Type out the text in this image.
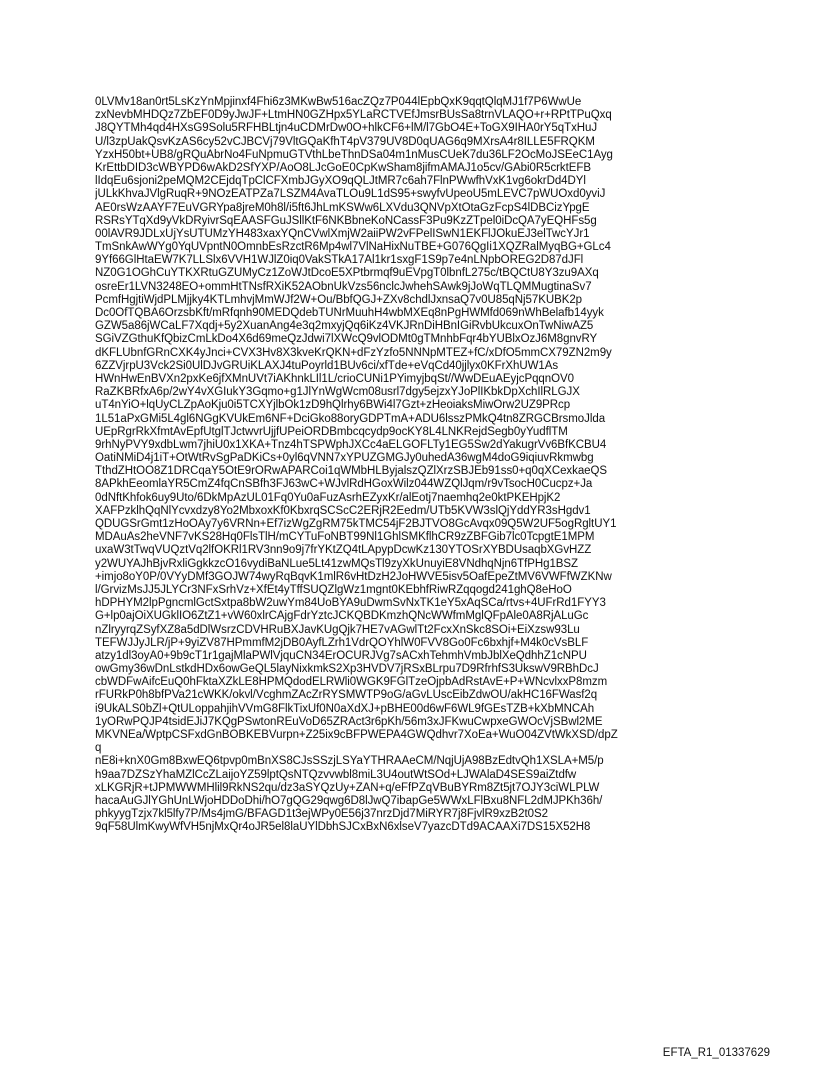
0LVMv18an0rt5LsKzYnMpjinxf4Fhi6z3MKwBw516acZQz7P044lEpbQxK9qqtQlqMJ1f7P6WwUe
zxNevbMHDQz7ZbEF0D9yJwJF+LtmHN0GZHpx5YLaRCTVEfJmsrBUsSa8trnVLAQO+r+RPtTPuQxq
J8QYTMh4qd4HXsG9Solu5RFHBLtjn4uCDMrDw0O+hlkCF6+lM/l7GbO4E+ToGX9IHA0rY5qTxHuJ
U/l3zpUakQsvKzAS6cy52vCJBCVj79VltGQaKfhT4pV379UV8D0qUAG6q9MXrsA4r8ILLE5FRQKM
YzxH50bt+UB8/gRQuAbrNo4FuNpmuGTVthLbeThnDSa04m1nMusCUeK7du36LF2OcMoJSEeC1Ayg
KrEttbDID3cWBYPD6wAkD2SfYXP/AoO8LJcGoE0CpKwSham8jifmAMAJ1o5cv/GAbi0R5crktEFB
lIdqEu6sjoni2peMQM2CEjdqTpClCFXmbJGyXO9qQLJtMR7c6ah7FlnPWwfhVxK1vg6okrDd4DYl
jULkKhvaJVlgRuqR+9NOzEATPZa7LSZM4AvaTLOu9L1dS95+swyfvUpeoU5mLEVC7pWUOxd0yviJ
AE0rsWzAAYF7EuVGRYpa8jreM0h8l/i5ft6JhLmKSWw6LXVdu3QNVpXtOtaGzFcpS4lDBCizYpgE
RSRsYTqXd9yVkDRyivrSqEAASFGuJSllKtF6NKBbneKoNCassF3Pu9KzZTpel0iDcQA7yEQHFs5g
00lAVR9JDLxUjYsUTUMzYH483xaxYQnCVwlXmjW2aiiPW2vFPelISwN1EKFlJOkuEJ3elTwcYJr1
TmSnkAwWYg0YqUVpntN0OmnbEsRzctR6Mp4wl7VlNaHixNuTBE+G076QgIi1XQZRalMyqBG+GLc4
9Yf66GlHtaEW7K7LLSlx6VVH1WJlZ0iq0VakSTkA17Al1kr1sxgF1S9p7e4nLNpbOREG2D87dJFl
NZ0G1OGhCuYTKXRtuGZUMyCz1ZoWJtDcoE5XPtbrmqf9uEVpgT0lbnfL275c/tBQCtU8Y3zu9AXq
osreEr1LVN3248EO+ommHtTNsfRXiK52AObnUkVzs56nclcJwhehSAwk9jJoWqTLQMMugtinaSv7
PcmfHgjtiWjdPLMjjky4KTLmhvjMmWJf2W+Ou/BbfQGJ+ZXv8chdlJxnsaQ7v0U85qNj57KUBK2p
Dc0OfTQBA6OrzsbKft/mRfqnh90MEDQdebTUNrMuuhH4wbMXEq8nPgHWMfd069nWhBelafb14yyk
GZW5a86jWCaLF7Xqdj+5y2XuanAng4e3q2mxyjQq6iKz4VKJRnDiHBnIGiRvbUkcuxOnTwNiwAZ5
SGiVZGthuKfQbizCmLkDo4X6d69meQzJdwi7lXWcQ9vlODMt0gTMnhbFqr4bYUBlxOzJ6M8gnvRY
dKFLUbnfGRnCXK4yJnci+CVX3Hv8X3kveKrQKN+dFzYzfo5NNNpMTEZ+fC/xDfO5mmCX79ZN2m9y
6ZZVjrpU3Vck2Si0UlDJvGRUiKLAXJ4tuPoyrld1BUv6ci/xfTde+eVqCd40jjlyx0KFrXhUW1As
HWnHwEnBVXn2pxKe6jfXMnUVt7iAKhnkLIl1L/crioCUNi1PYimyjbqSt//WwDEuAEyjcPqqnOV0
RaZKBRfxA6p/2wY4vXGIukY3Gqmo+g1JlYnWgWcm08usrl7dgy5ejzxYJoPlIKbkDpXchIlRLGJX
uT4nYiO+lqUyCLZpAoKju0i5TCXYjlbOk1zD9hQlrhy6BWi4l7Gzt+zHeoiaksMiwOrw2UZ9PRcp
1L51aPxGMi5L4gl6NGgKVUkEm6NF+DciGko88oryGDPTmA+ADU6lsszPMkQ4tn8ZRGCBrsmoJlda
UEpRgrRkXfmtAvEpfUtglTJctwvrUjjfUPeiORDBmbcqcydp9ocKY8L4LNKRejdSegb0yYudflTM
9rhNyPVY9xdbLwm7jhiU0x1XKA+Tnz4hTSPWphJXCc4aELGOFLTy1EG5Sw2dYakugrVv6BfKCBU4
OatiNMiD4j1iT+OtWtRvSgPaDKiCs+0yl6qVNN7xYPUZGMGJy0uhedA36wgM4doG9iqiuvRkmwbg
TthdZHtOO8Z1DRCqaY5OtE9rORwAPARCoi1qWMbHLByjalszQZlXrzSBJEb91ss0+q0qXCexkaeQS
8APkhEeomlaYR5CmZ4fqCnSBfh3FJ63wC+WJvlRdHGoxWilz044WZQlJqm/r9vTsocH0Cucpz+Ja
0dNftKhfok6uy9Uto/6DkMpAzUL01Fq0Yu0aFuzAsrhEZyxKr/alEotj7naemhq2e0ktPKEHpjK2
XAFPzklhQqNlYcvxdzy8Yo2MbxoxKf0KbxrqSCScC2ERjR2Eedm/UTb5KVW3slQjYddYR3sHgdv1
QDUGSrGmt1zHoOAy7y6VRNn+Ef7izWgZgRM75kTMC54jF2BJTVO8GcAvqx09Q5W2UF5ogRgltUY1
MDAuAs2heVNF7vKS28Hq0FlsTlH/mCYTuFoNBT99Nl1GhlSMKflhCR9zZBFGib7lc0TcpgtE1MPM
uxaW3tTwqVUQztVq2lfOKRl1RV3nn9o9j7frYKtZQ4tLApypDcwKz130YTOSrXYBDUsaqbXGvHZZ
y2WUYAJhBjvRxliGgkkzcO16vydiBaNLue5Lt41zwMQsTl9zyXkUnuyiE8VNdhqNjn6TfPHg1BSZ
+imjo8oY0P/0VYyDMf3GOJW74wyRqBqvK1mlR6vHtDzH2JoHWVE5isv5OafEpeZtMV6VWFfWZKNw
l/GrvizMsJJ5JLYCr3NFxSrhVz+XfEt4yTffSUQZlgWz1mgnt0KEbhfRiwRZqqogd241ghQ8eHoO
hDPHYM2lpPgncmlGctSxtpa8bW2uwYm84UoBYA9uDwmSvNxTK1eY5xAqSCa/rtvs+4UFrRd1FYY3
G+lp0ajOiXUGklIO6ZtZ1+vW60xlrCAjgFdrYztcJCKQBDKmzhQNcWWfmMglQFpAle0A8RjALuGc
nZlryyrqZSyfXZ8a5dDlWsrzCDVHRuBXJavKUgQjk7HE7vAGwlTt2FcxXnSkc8SOi+EiXzsw93Lu
TEFWJJyJLR/jP+9yiZV87HPmmfM2jDB0AyfLZrh1VdrQOYhlW0FVV8Go0Fc6bxhjf+M4k0cVsBLF
atzy1dl3oyA0+9b9cT1r1gajMlaPWlVjquCN34ErOCURJVg7sACxhTehmhVmbJblXeQdhhZ1cNPU
owGmy36wDnLstkdHDx6owGeQL5layNixkmkS2Xp3HVDV7jRSxBLrpu7D9RfrhfS3UkswV9RBhDcJ
cbWDFwAifcEuQ0hFktaXZkLE8HPMQdodELRWli0WGK9FGlTzeOjpbAdRstAvE+P+WNcvlxxP8mzm
rFURkP0h8bfPVa21cWKK/okvl/VcghmZAcZrRYSMWTP9oG/aGvLUscEibZdwOU/akHC16FWasf2q
i9UkALS0bZl+QtULoppahjihVVmG8FlkTixUf0N0aXdXJ+pBHE00d6wF6WL9fGEsTZB+kXbMNCAh
1yORwPQJP4tsidEJiJ7KQgPSwtonREuVoD65ZRAct3r6pKh/56m3xJFKwuCwpxeGWOcVjSBwl2ME
MKVNEa/WptpCSFxdGnBOBKEBVurpn+Z25ix9cBFPWEPA4GWQdhvr7XoEa+WuO04ZVtWkXSD/dpZ
q
nE8i+knX0Gm8BxwEQ6tpvp0mBnXS8CJsSSzjLSYaYTHRAAeCM/NqjUjA98BzEdtvQh1XSLA+M5/p
h9aa7DZSzYhaMZlCcZLaijoYZ59lptQsNTQzvvwbl8miL3U4outWtSOd+LJWAlaD4SES9aiZtdfw
xLKGRjR+tJPMWWMHlil9RkNS2qu/dz3aSYQzUy+ZAN+q/eFfPZqVBuBYRm8Zt5jt7OJY3ciWLPLW
hacaAuGJlYGhUnLWjoHDDoDhi/hO7gQG29qwg6D8lJwQ7ibapGe5WWxLFlBxu8NFL2dMJPKh36h/
phkyygTzjx7kl5lfy7P/Ms4jmG/BFAGD1t3ejWPy0E56j37nrzDjd7MiRYR7j8FjvlR9xzB2t0S2
9qF58UlmKwyWfVH5njMxQr4oJR5el8laUYlDbhSJCxBxN6xlseV7yazcDTd9ACAAXi7DS15X52H8
EFTA_R1_01337629
